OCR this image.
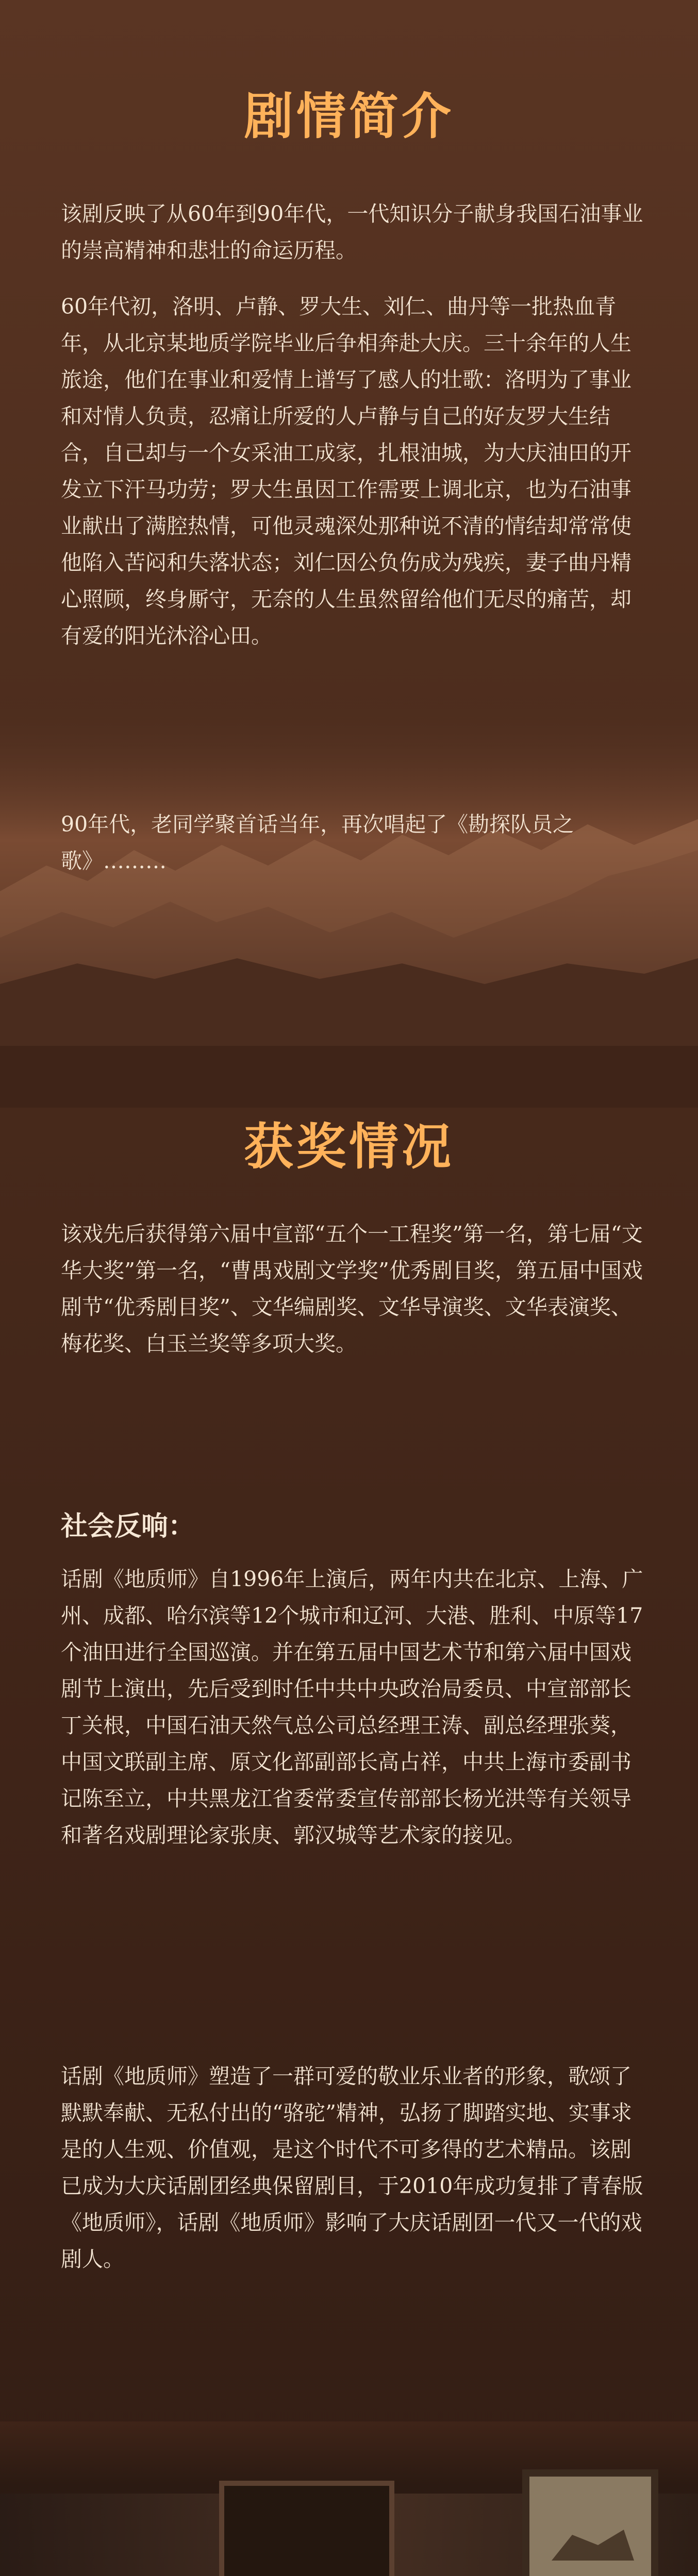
剧情简介
该剧反映了从60年到90年代，一代知识分子献身我国石油事业的崇高精神和悲壮的命运历程。
60年代初，洛明、卢静、罗大生、刘仁、曲丹等一批热血青年，从北京某地质学院毕业后争相奔赴大庆。三十余年的人生旅途，他们在事业和爱情上谱写了感人的壮歌：洛明为了事业和对情人负责，忍痛让所爱的人卢静与自己的好友罗大生结合，自己却与一个女采油工成家，扎根油城，为大庆油田的开发立下汗马功劳；罗大生虽因工作需要上调北京，也为石油事业献出了满腔热情，可他灵魂深处那种说不清的情结却常常使他陷入苦闷和失落状态；刘仁因公负伤成为残疾，妻子曲丹精心照顾，终身厮守，无奈的人生虽然留给他们无尽的痛苦，却有爱的阳光沐浴心田。
90年代，老同学聚首话当年，再次唱起了《勘探队员之歌》………
获奖情况
该戏先后获得第六届中宣部“五个一工程奖”第一名，第七届“文华大奖”第一名，“曹禺戏剧文学奖”优秀剧目奖，第五届中国戏剧节“优秀剧目奖”、文华编剧奖、文华导演奖、文华表演奖、梅花奖、白玉兰奖等多项大奖。
社会反响：
话剧《地质师》自1996年上演后，两年内共在北京、上海、广州、成都、哈尔滨等12个城市和辽河、大港、胜利、中原等17个油田进行全国巡演。并在第五届中国艺术节和第六届中国戏剧节上演出，先后受到时任中共中央政治局委员、中宣部部长丁关根，中国石油天然气总公司总经理王涛、副总经理张葵，中国文联副主席、原文化部副部长高占祥，中共上海市委副书记陈至立，中共黑龙江省委常委宣传部部长杨光洪等有关领导和著名戏剧理论家张庚、郭汉城等艺术家的接见。
话剧《地质师》塑造了一群可爱的敬业乐业者的形象，歌颂了默默奉献、无私付出的“骆驼”精神，弘扬了脚踏实地、实事求是的人生观、价值观，是这个时代不可多得的艺术精品。该剧已成为大庆话剧团经典保留剧目，于2010年成功复排了青春版《地质师》，话剧《地质师》影响了大庆话剧团一代又一代的戏剧人。
